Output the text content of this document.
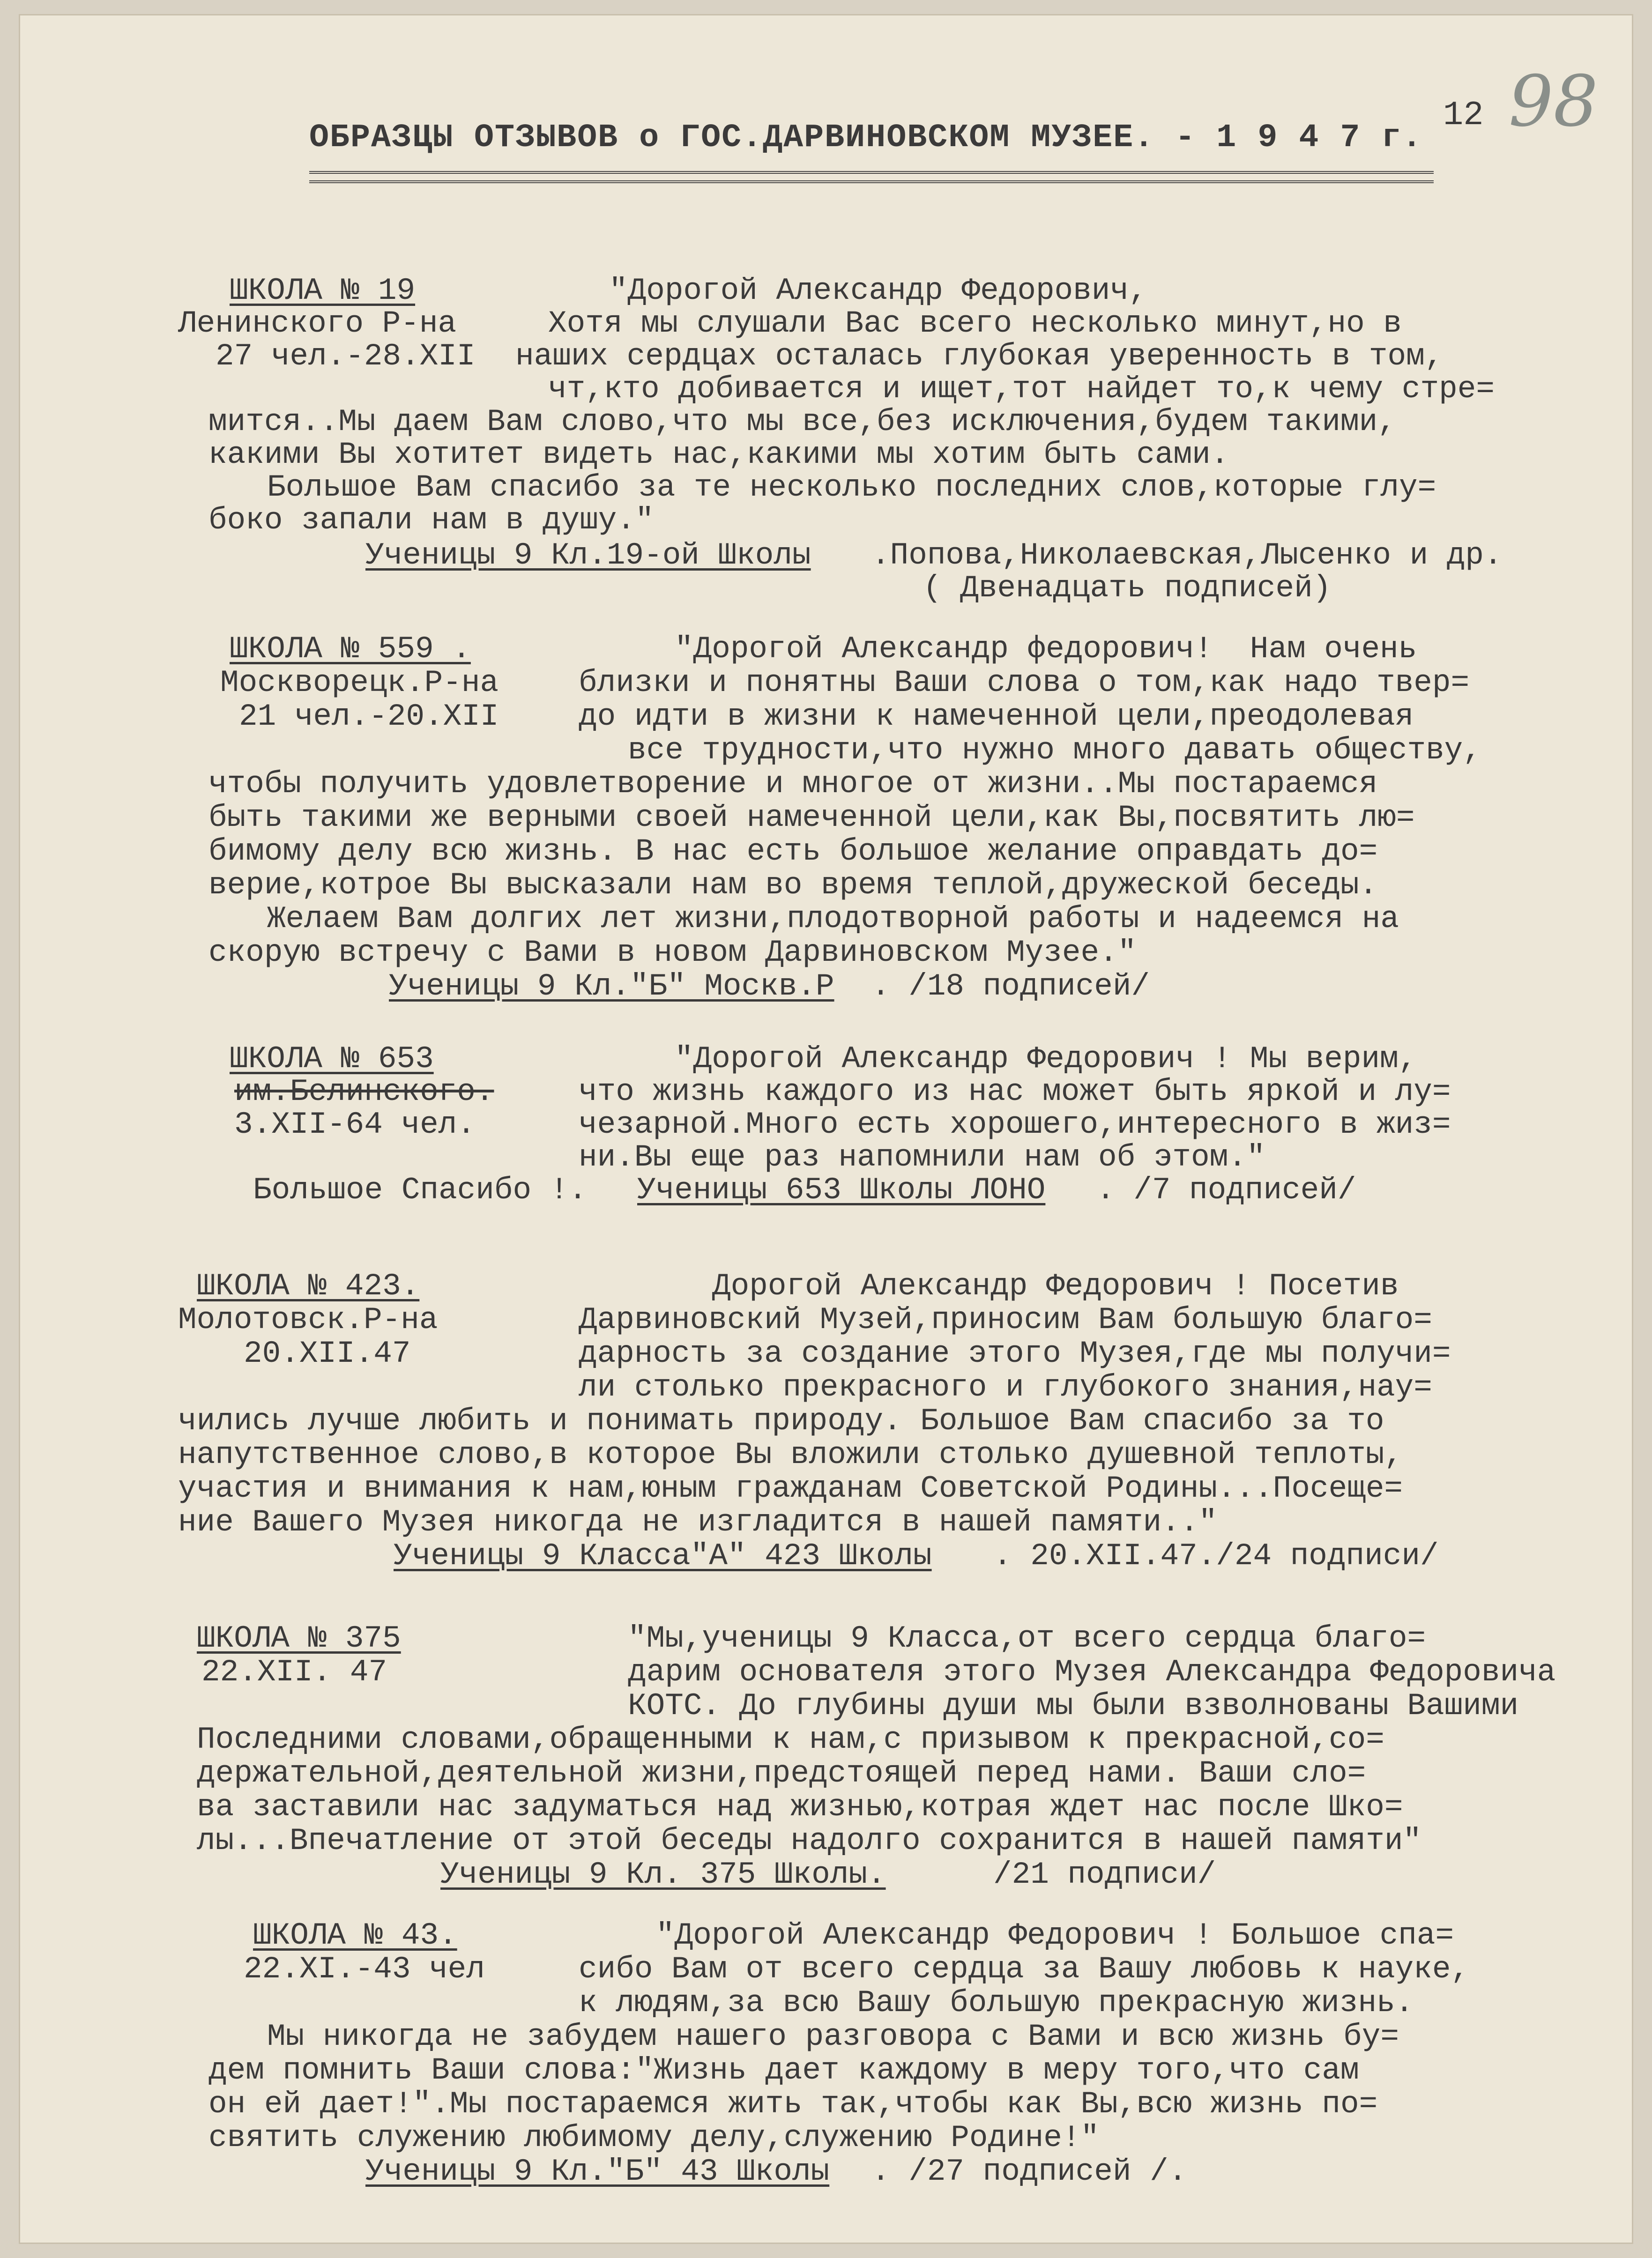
12 98
ОБРАЗЦЫ ОТЗЫВОВ о ГОС.ДАРВИНОВСКОМ МУЗЕЕ. - 1 9 4 7 г.
ШКОЛА № 19
Ленинского Р-на
27 чел.-28.XII
"Дорогой Александр Федорович,
Хотя мы слушали Вас всего несколько минут,но в
наших сердцах осталась глубокая уверенность в том,
чт,кто добивается и ищет,тот найдет то,к чему стре=
мится..Мы даем Вам слово,что мы все,без исключения,будем такими,
какими Вы хотитет видеть нас,какими мы хотим быть сами.
Большое Вам спасибо за те несколько последних слов,которые глу=
боко запали нам в душу."
Ученицы 9 Кл.19-ой Школы .Попова,Николаевская,Лысенко и др.
( Двенадцать подписей)
ШКОЛА № 559 .
Москворецк.Р-на
21 чел.-20.XII
"Дорогой Александр федорович!  Нам очень
близки и понятны Ваши слова о том,как надо твер=
до идти в жизни к намеченной цели,преодолевая
все трудности,что нужно много давать обществу,
чтобы получить удовлетворение и многое от жизни..Мы постараемся
быть такими же верными своей намеченной цели,как Вы,посвятить лю=
бимому делу всю жизнь. В нас есть большое желание оправдать до=
верие,котрое Вы высказали нам во время теплой,дружеской беседы.
Желаем Вам долгих лет жизни,плодотворной работы и надеемся на
скорую встречу с Вами в новом Дарвиновском Музее."
Ученицы 9 Кл."Б" Москв.Р . /18 подписей/
ШКОЛА № 653
им.Белинского.
3.XII-64 чел.
"Дорогой Александр Федорович ! Мы верим,
что жизнь каждого из нас может быть яркой и лу=
чезарной.Много есть хорошего,интересного в жиз=
ни.Вы еще раз напомнили нам об этом."
Большое Спасибо !. Ученицы 653 Школы ЛОНО . /7 подписей/
ШКОЛА № 423.
Молотовск.Р-на
20.XII.47
Дорогой Александр Федорович ! Посетив
Дарвиновский Музей,приносим Вам большую благо=
дарность за создание этого Музея,где мы получи=
ли столько прекрасного и глубокого знания,нау=
чились лучше любить и понимать природу. Большое Вам спасибо за то
напутственное слово,в которое Вы вложили столько душевной теплоты,
участия и внимания к нам,юным гражданам Советской Родины...Посеще=
ние Вашего Музея никогда не изгладится в нашей памяти.."
Ученицы 9 Класса"А" 423 Школы . 20.XII.47./24 подписи/
ШКОЛА № 375
22.XII. 47
"Мы,ученицы 9 Класса,от всего сердца благо=
дарим основателя этого Музея Александра Федоровича
КОТС. До глубины души мы были взволнованы Вашими
Последними словами,обращенными к нам,с призывом к прекрасной,со=
держательной,деятельной жизни,предстоящей перед нами. Ваши сло=
ва заставили нас задуматься над жизнью,котрая ждет нас после Шко=
лы...Впечатление от этой беседы надолго сохранится в нашей памяти"
Ученицы 9 Кл. 375 Школы.	/21 подписи/
ШКОЛА № 43.
22.XI.-43 чел
"Дорогой Александр Федорович ! Большое спа=
сибо Вам от всего сердца за Вашу любовь к науке,
к людям,за всю Вашу большую прекрасную жизнь.
Мы никогда не забудем нашего разговора с Вами и всю жизнь бу=
дем помнить Ваши слова:"Жизнь дает каждому в меру того,что сам
он ей дает!".Мы постараемся жить так,чтобы как Вы,всю жизнь по=
святить служению любимому делу,служению Родине!"
Ученицы 9 Кл."Б" 43 Школы . /27 подписей /.
